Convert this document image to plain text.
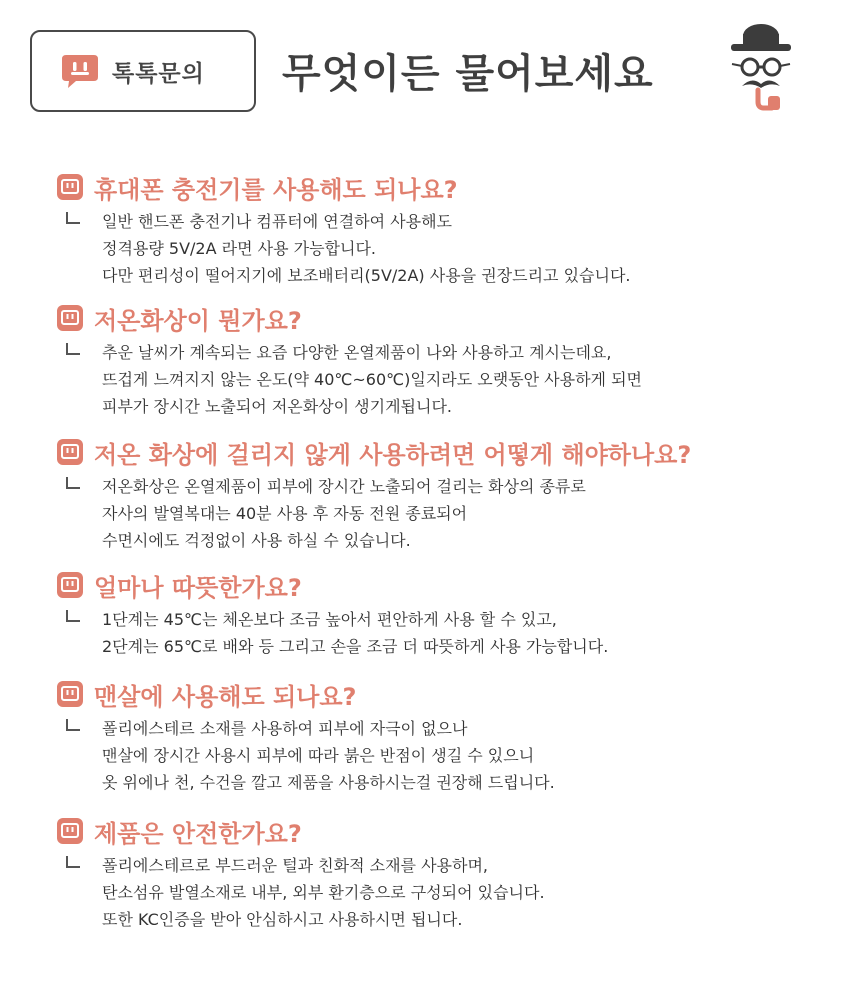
톡톡문의 무엇이든 물어보세요
휴대폰 충전기를 사용해도 되나요?
일반 핸드폰 충전기나 컴퓨터에 연결하여 사용해도
정격용량 5V/2A 라면 사용 가능합니다.
다만 편리성이 떨어지기에 보조배터리(5V/2A) 사용을 권장드리고 있습니다.
저온화상이 뭔가요?
추운 날씨가 계속되는 요즘 다양한 온열제품이 나와 사용하고 계시는데요,
뜨겁게 느껴지지 않는 온도(약 40℃~60℃)일지라도 오랫동안 사용하게 되면
피부가 장시간 노출되어 저온화상이 생기게됩니다.
저온 화상에 걸리지 않게 사용하려면 어떻게 해야하나요?
저온화상은 온열제품이 피부에 장시간 노출되어 걸리는 화상의 종류로
자사의 발열복대는 40분 사용 후 자동 전원 종료되어
수면시에도 걱정없이 사용 하실 수 있습니다.
얼마나 따뜻한가요?
1단계는 45℃는 체온보다 조금 높아서 편안하게 사용 할 수 있고,
2단계는 65℃로 배와 등 그리고 손을 조금 더 따뜻하게 사용 가능합니다.
맨살에 사용해도 되나요?
폴리에스테르 소재를 사용하여 피부에 자극이 없으나
맨살에 장시간 사용시 피부에 따라 붉은 반점이 생길 수 있으니
옷 위에나 천, 수건을 깔고 제품을 사용하시는걸 권장해 드립니다.
제품은 안전한가요?
폴리에스테르로 부드러운 털과 친화적 소재를 사용하며,
탄소섬유 발열소재로 내부, 외부 환기층으로 구성되어 있습니다.
또한 KC인증을 받아 안심하시고 사용하시면 됩니다.
